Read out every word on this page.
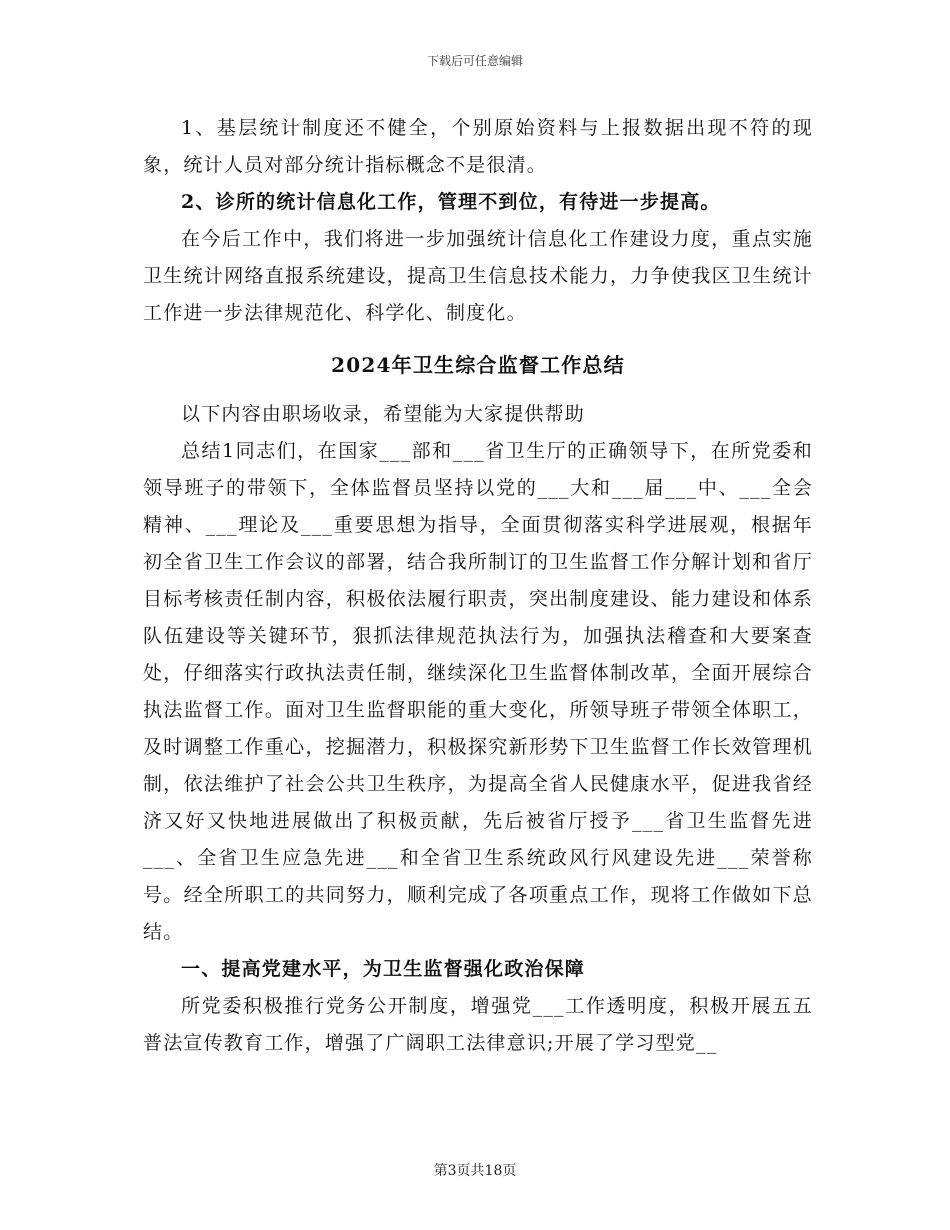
下载后可任意编辑

1、基层统计制度还不健全，个别原始资料与上报数据出现不符的现象，统计人员对部分统计指标概念不是很清。

2、诊所的统计信息化工作，管理不到位，有待进一步提高。

在今后工作中，我们将进一步加强统计信息化工作建设力度，重点实施卫生统计网络直报系统建设，提高卫生信息技术能力，力争使我区卫生统计工作进一步法律规范化、科学化、制度化。

2024年卫生综合监督工作总结

以下内容由职场收录，希望能为大家提供帮助

总结1同志们，在国家___部和___省卫生厅的正确领导下，在所党委和领导班子的带领下，全体监督员坚持以党的___大和___届___中、___全会精神、___理论及___重要思想为指导，全面贯彻落实科学进展观，根据年初全省卫生工作会议的部署，结合我所制订的卫生监督工作分解计划和省厅目标考核责任制内容，积极依法履行职责，突出制度建设、能力建设和体系队伍建设等关键环节，狠抓法律规范执法行为，加强执法稽查和大要案查处，仔细落实行政执法责任制，继续深化卫生监督体制改革，全面开展综合执法监督工作。面对卫生监督职能的重大变化，所领导班子带领全体职工，及时调整工作重心，挖掘潜力，积极探究新形势下卫生监督工作长效管理机制，依法维护了社会公共卫生秩序，为提高全省人民健康水平，促进我省经济又好又快地进展做出了积极贡献，先后被省厅授予___省卫生监督先进___、全省卫生应急先进___和全省卫生系统政风行风建设先进___荣誉称号。经全所职工的共同努力，顺利完成了各项重点工作，现将工作做如下总结。

一、提高党建水平，为卫生监督强化政治保障

所党委积极推行党务公开制度，增强党___工作透明度，积极开展五五普法宣传教育工作，增强了广阔职工法律意识;开展了学习型党__

第3页共18页
